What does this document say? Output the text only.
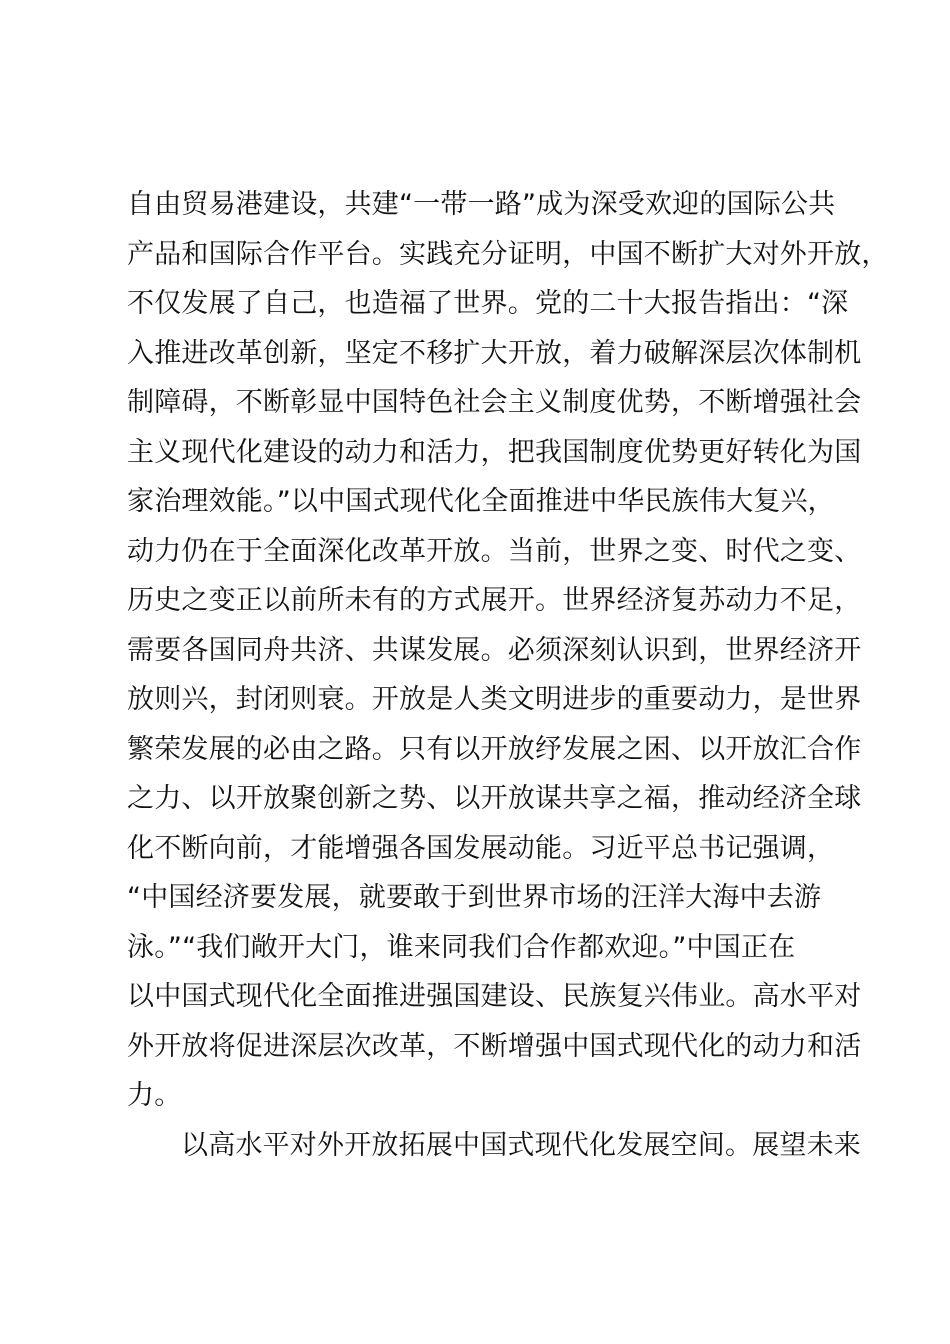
自由贸易港建设，共建“一带一路”成为深受欢迎的国际公共
产品和国际合作平台。实践充分证明，中国不断扩大对外开放，
不仅发展了自己，也造福了世界。党的二十大报告指出：“深
入推进改革创新，坚定不移扩大开放，着力破解深层次体制机
制障碍，不断彰显中国特色社会主义制度优势，不断增强社会
主义现代化建设的动力和活力，把我国制度优势更好转化为国
家治理效能。”以中国式现代化全面推进中华民族伟大复兴，
动力仍在于全面深化改革开放。当前，世界之变、时代之变、
历史之变正以前所未有的方式展开。世界经济复苏动力不足，
需要各国同舟共济、共谋发展。必须深刻认识到，世界经济开
放则兴，封闭则衰。开放是人类文明进步的重要动力，是世界
繁荣发展的必由之路。只有以开放纾发展之困、以开放汇合作
之力、以开放聚创新之势、以开放谋共享之福，推动经济全球
化不断向前，才能增强各国发展动能。习近平总书记强调，
“中国经济要发展，就要敢于到世界市场的汪洋大海中去游
泳。”“我们敞开大门，谁来同我们合作都欢迎。”中国正在
以中国式现代化全面推进强国建设、民族复兴伟业。高水平对
外开放将促进深层次改革，不断增强中国式现代化的动力和活
力。
以高水平对外开放拓展中国式现代化发展空间。展望未来
